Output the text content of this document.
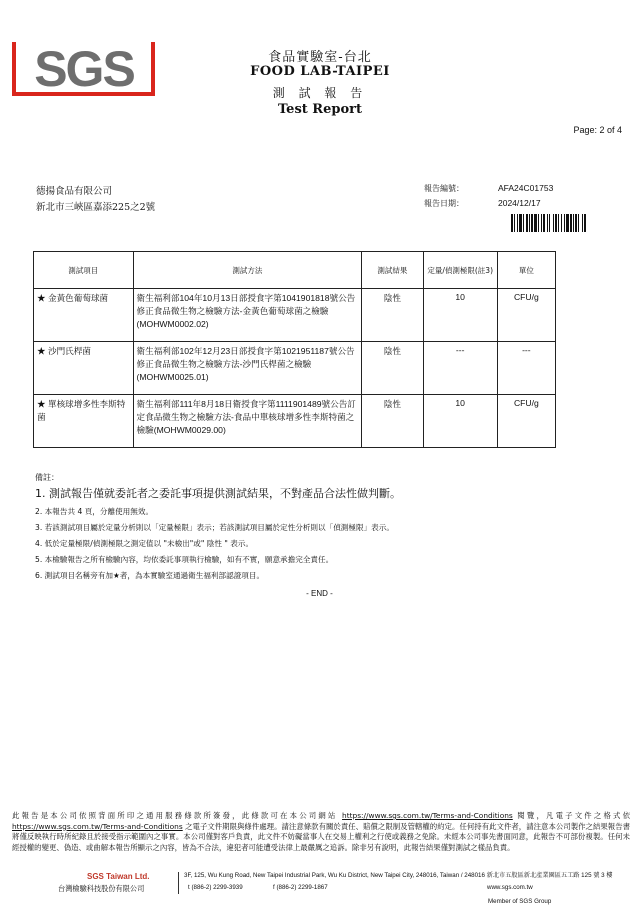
SGS	食品實驗室-台北
FOOD LAB-TAIPEI
測 試 報 告
Test Report
Page: 2 of 4
德揚食品有限公司
新北市三峽區嘉添225之2號
報告編號：	AFA24C01753
報告日期：	2024/12/17
測試項目	測試方法	測試結果	定量/偵測極限(註3)	單位
★ 金黃色葡萄球菌	衛生福利部104年10月13日部授食字第1041901818號公告修正食品微生物之檢驗方法-金黃色葡萄球菌之檢驗(MOHWM0002.02)	陰性	10	CFU/g
★ 沙門氏桿菌	衛生福利部102年12月23日部授食字第1021951187號公告修正食品微生物之檢驗方法-沙門氏桿菌之檢驗(MOHWM0025.01)	陰性	---	---
★ 單核球增多性李斯特菌	衛生福利部111年8月18日衛授食字第1111901489號公告訂定食品微生物之檢驗方法-食品中單核球增多性李斯特菌之檢驗(MOHWM0029.00)	陰性	10	CFU/g
備註：

1. 測試報告僅就委託者之委託事項提供測試結果，不對產品合法性做判斷。

2. 本報告共 4 頁，分離使用無效。

3. 若該測試項目屬於定量分析則以「定量極限」表示；若該測試項目屬於定性分析則以「偵測極限」表示。

4. 低於定量極限/偵測極限之測定值以 "未檢出"或" 陰性 " 表示。

5. 本檢驗報告之所有檢驗內容，均依委託事項執行檢驗，如有不實，願意承擔完全責任。

6. 測試項目名稱旁有加★者，為本實驗室通過衛生福利部認證項目。

- END -
此報告是本公司依照背面所印之通用服務條款所簽發，此條款可在本公司網站 https://www.sgs.com.tw/Terms-and-Conditions 閱覽，凡電子文件之格式依 https://www.sgs.com.tw/Terms-and-Conditions 之電子文件期限與條件處理。請注意條款有關於責任、賠償之限制及管轄權的約定。任何持有此文件者，請注意本公司製作之結果報告書將僅反映執行時所紀錄且於接受指示範圍內之事實。本公司僅對客戶負責，此文件不妨礙當事人在交易上權利之行使或義務之免除。未經本公司事先書面同意，此報告不可部份複製。任何未經授權的變更、偽造、或曲解本報告所顯示之內容，皆為不合法，違犯者可能遭受法律上最嚴厲之追訴。除非另有說明，此報告結果僅對測試之樣品負責。
SGS Taiwan Ltd.
台灣檢驗科技股份有限公司
3F, 125, Wu Kung Road, New Taipei Industrial Park, Wu Ku District, New Taipei City, 248016, Taiwan / 248016 新北市五股區新北產業園區五工路 125 號 3 樓
t (886-2) 2299-3939	f (886-2) 2299-1867	www.sgs.com.tw
Member of SGS Group
